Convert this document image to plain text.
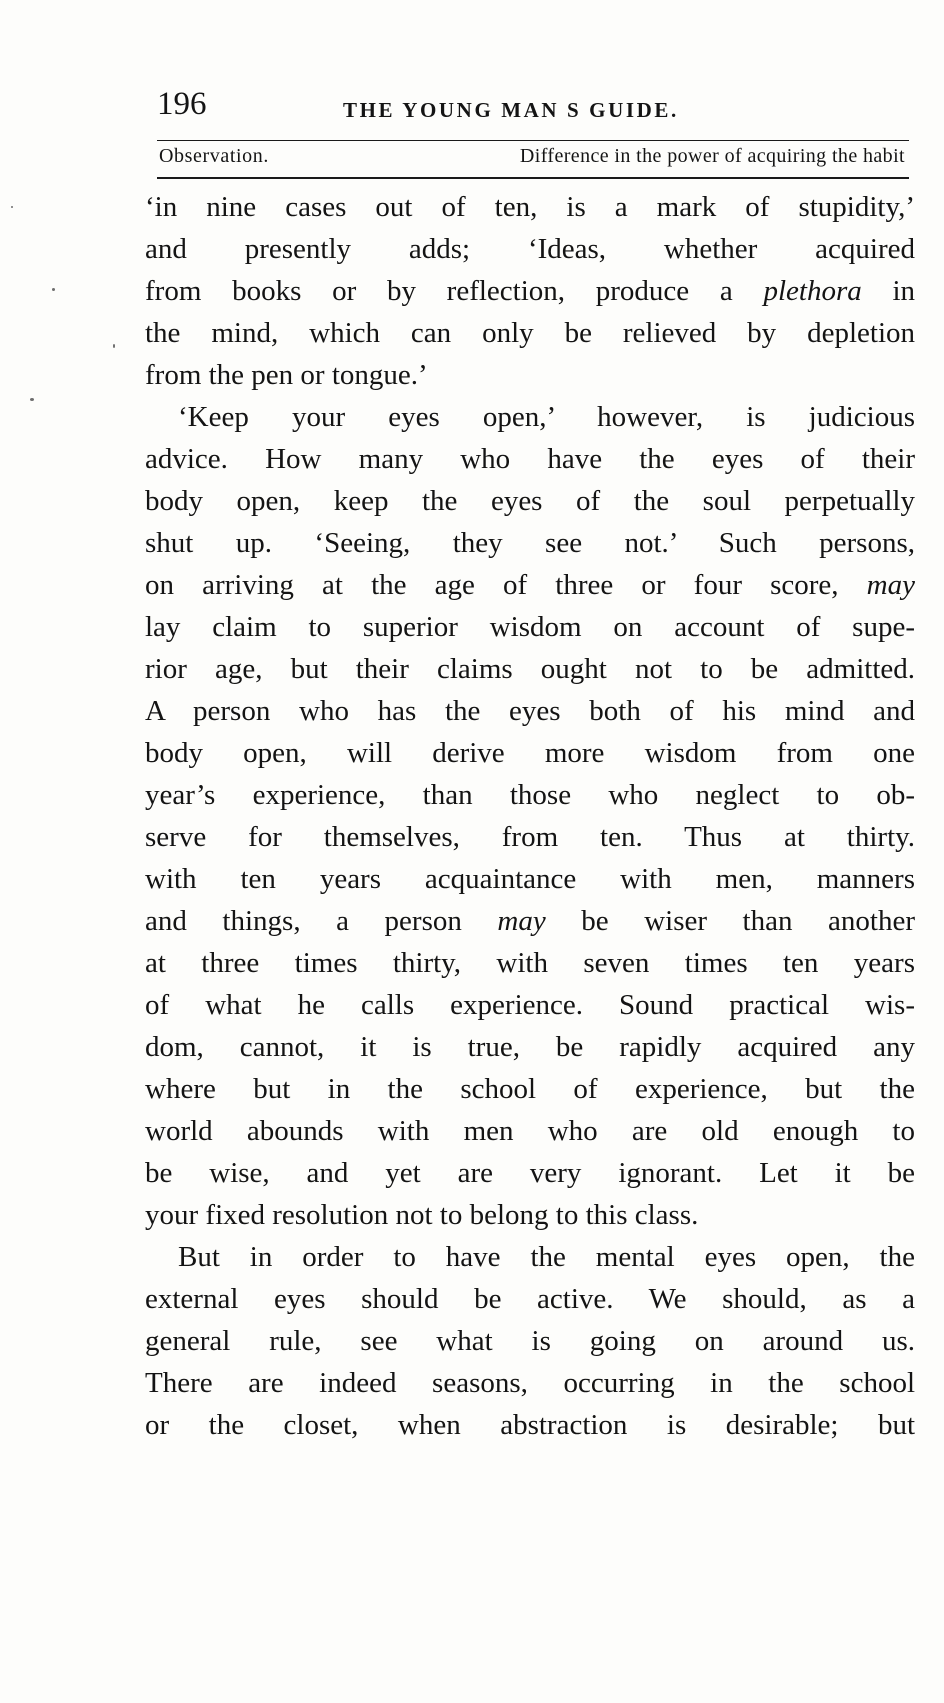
196	THE YOUNG MAN S GUIDE.
Observation.	Difference in the power of acquiring the habit
‘in nine cases out of ten, is a mark of stupidity,’
and presently adds; ‘Ideas, whether acquired
from books or by reflection, produce a plethora in
the mind, which can only be relieved by depletion
from the pen or tongue.’
‘Keep your eyes open,’ however, is judicious
advice. How many who have the eyes of their
body open, keep the eyes of the soul perpetually
shut up. ‘Seeing, they see not.’ Such persons,
on arriving at the age of three or four score, may
lay claim to superior wisdom on account of supe-
rior age, but their claims ought not to be admitted.
A person who has the eyes both of his mind and
body open, will derive more wisdom from one
year’s experience, than those who neglect to ob-
serve for themselves, from ten. Thus at thirty.
with ten years acquaintance with men, manners
and things, a person may be wiser than another
at three times thirty, with seven times ten years
of what he calls experience. Sound practical wis-
dom, cannot, it is true, be rapidly acquired any
where but in the school of experience, but the
world abounds with men who are old enough to
be wise, and yet are very ignorant. Let it be
your fixed resolution not to belong to this class.
But in order to have the mental eyes open, the
external eyes should be active. We should, as a
general rule, see what is going on around us.
There are indeed seasons, occurring in the school
or the closet, when abstraction is desirable; but
